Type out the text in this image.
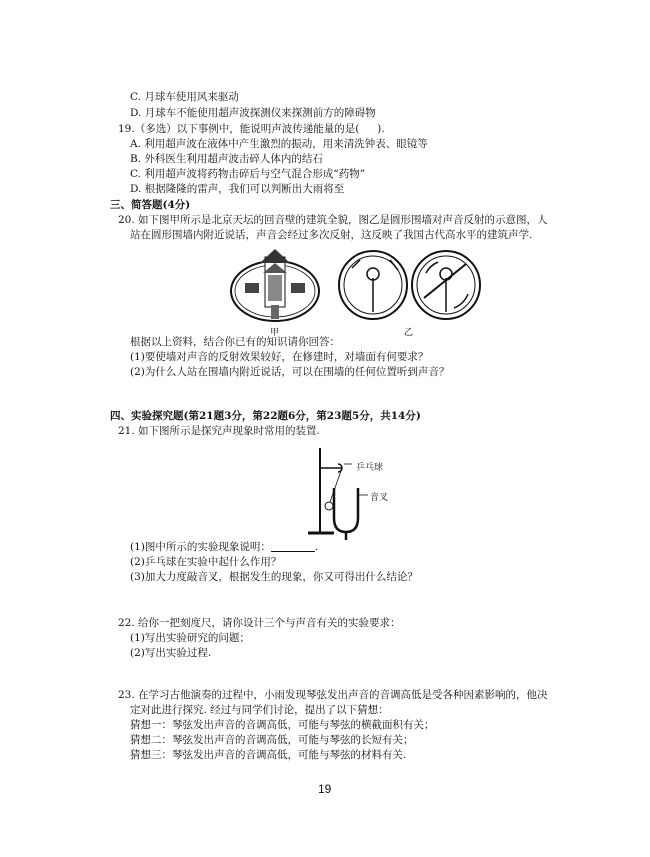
C. 月球车使用风来驱动
D. 月球车不能使用超声波探测仪来探测前方的障碍物
19.（多选）以下事例中，能说明声波传递能量的是( ).
A. 利用超声波在液体中产生激烈的振动，用来清洗钟表、眼镜等
B. 外科医生利用超声波击碎人体内的结石
C. 利用超声波将药物击碎后与空气混合形成“药物”
D. 根据隆隆的雷声，我们可以判断出大雨将至
三、简答题(4分)
20. 如下图甲所示是北京天坛的回音壁的建筑全貌，图乙是圆形围墙对声音反射的示意图，人
站在圆形围墙内附近说话，声音会经过多次反射，这反映了我国古代高水平的建筑声学.
甲	乙
根据以上资料，结合你已有的知识请你回答：
(1)要使墙对声音的反射效果较好，在修建时，对墙面有何要求？
(2)为什么人站在围墙内附近说话，可以在围墙的任何位置听到声音？
四、实验探究题(第21题3分，第22题6分，第23题5分，共14分)
21. 如下图所示是探究声现象时常用的装置.
乒乓球
音叉
(1)图中所示的实验现象说明：	.
(2)乒乓球在实验中起什么作用？
(3)加大力度敲音叉，根据发生的现象，你又可得出什么结论？
22. 给你一把刻度尺，请你设计三个与声音有关的实验要求：
(1)写出实验研究的问题；
(2)写出实验过程.
23. 在学习古他演奏的过程中，小雨发现琴弦发出声音的音调高低是受各种因素影响的，他决
定对此进行探究. 经过与同学们讨论，提出了以下猜想：
猜想一：琴弦发出声音的音调高低，可能与琴弦的横截面积有关；
猜想二：琴弦发出声音的音调高低，可能与琴弦的长短有关；
猜想三：琴弦发出声音的音调高低，可能与琴弦的材料有关.
19
